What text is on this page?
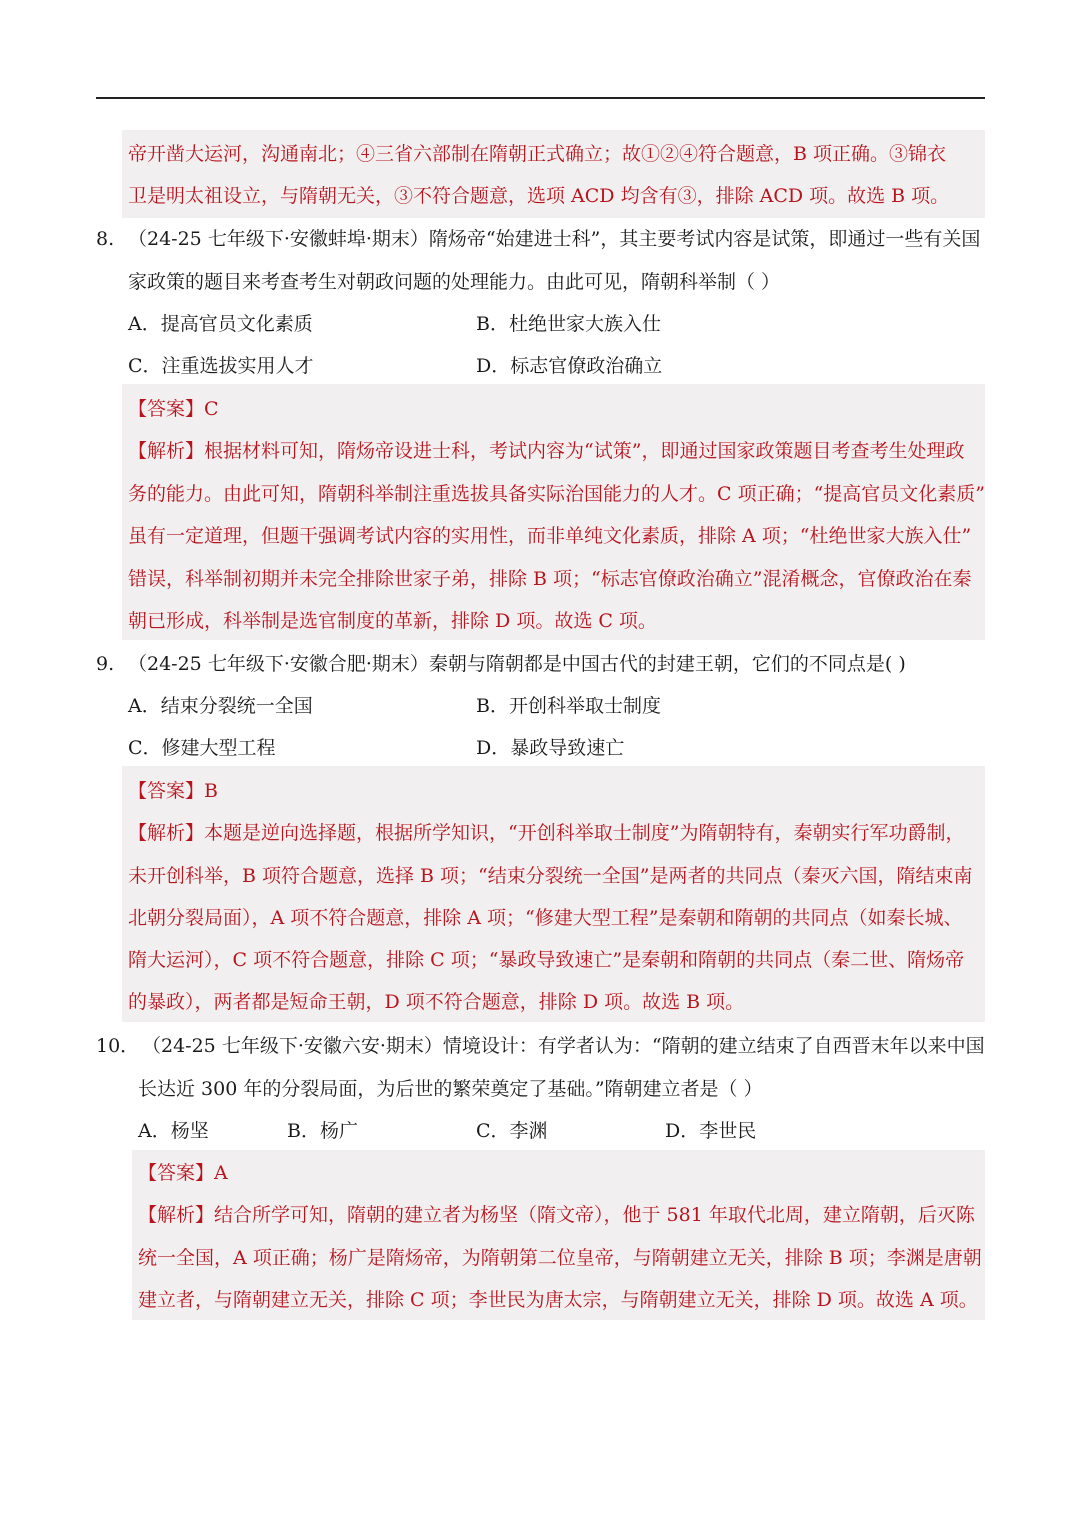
帝开凿大运河，沟通南北；④三省六部制在隋朝正式确立；故①②④符合题意，B 项正确。③锦衣
卫是明太祖设立，与隋朝无关，③不符合题意，选项 ACD 均含有③，排除 ACD 项。故选 B 项。
8. （24-25 七年级下·安徽蚌埠·期末）隋炀帝“始建进士科”，其主要考试内容是试策，即通过一些有关国
家政策的题目来考查考生对朝政问题的处理能力。由此可见，隋朝科举制（ ）
A．提高官员文化素质	B．杜绝世家大族入仕
C．注重选拔实用人才	D．标志官僚政治确立
【答案】C
【解析】根据材料可知，隋炀帝设进士科，考试内容为“试策”，即通过国家政策题目考查考生处理政
务的能力。由此可知，隋朝科举制注重选拔具备实际治国能力的人才。C 项正确；“提高官员文化素质”
虽有一定道理，但题干强调考试内容的实用性，而非单纯文化素质，排除 A 项；“杜绝世家大族入仕”
错误，科举制初期并未完全排除世家子弟，排除 B 项；“标志官僚政治确立”混淆概念，官僚政治在秦
朝已形成，科举制是选官制度的革新，排除 D 项。故选 C 项。
9. （24-25 七年级下·安徽合肥·期末）秦朝与隋朝都是中国古代的封建王朝，它们的不同点是( )
A．结束分裂统一全国	B．开创科举取士制度
C．修建大型工程	D．暴政导致速亡
【答案】B
【解析】本题是逆向选择题，根据所学知识，“开创科举取士制度”为隋朝特有，秦朝实行军功爵制，
未开创科举，B 项符合题意，选择 B 项；“结束分裂统一全国”是两者的共同点（秦灭六国，隋结束南
北朝分裂局面），A 项不符合题意，排除 A 项；“修建大型工程”是秦朝和隋朝的共同点（如秦长城、
隋大运河），C 项不符合题意，排除 C 项；“暴政导致速亡”是秦朝和隋朝的共同点（秦二世、隋炀帝
的暴政），两者都是短命王朝，D 项不符合题意，排除 D 项。故选 B 项。
10． （24-25 七年级下·安徽六安·期末）情境设计：有学者认为：“隋朝的建立结束了自西晋末年以来中国
长达近 300 年的分裂局面，为后世的繁荣奠定了基础。”隋朝建立者是（ ）
A．杨坚	B．杨广	C．李渊	D．李世民
【答案】A
【解析】结合所学可知，隋朝的建立者为杨坚（隋文帝），他于 581 年取代北周，建立隋朝，后灭陈
统一全国，A 项正确；杨广是隋炀帝，为隋朝第二位皇帝，与隋朝建立无关，排除 B 项；李渊是唐朝
建立者，与隋朝建立无关，排除 C 项；李世民为唐太宗，与隋朝建立无关，排除 D 项。故选 A 项。
